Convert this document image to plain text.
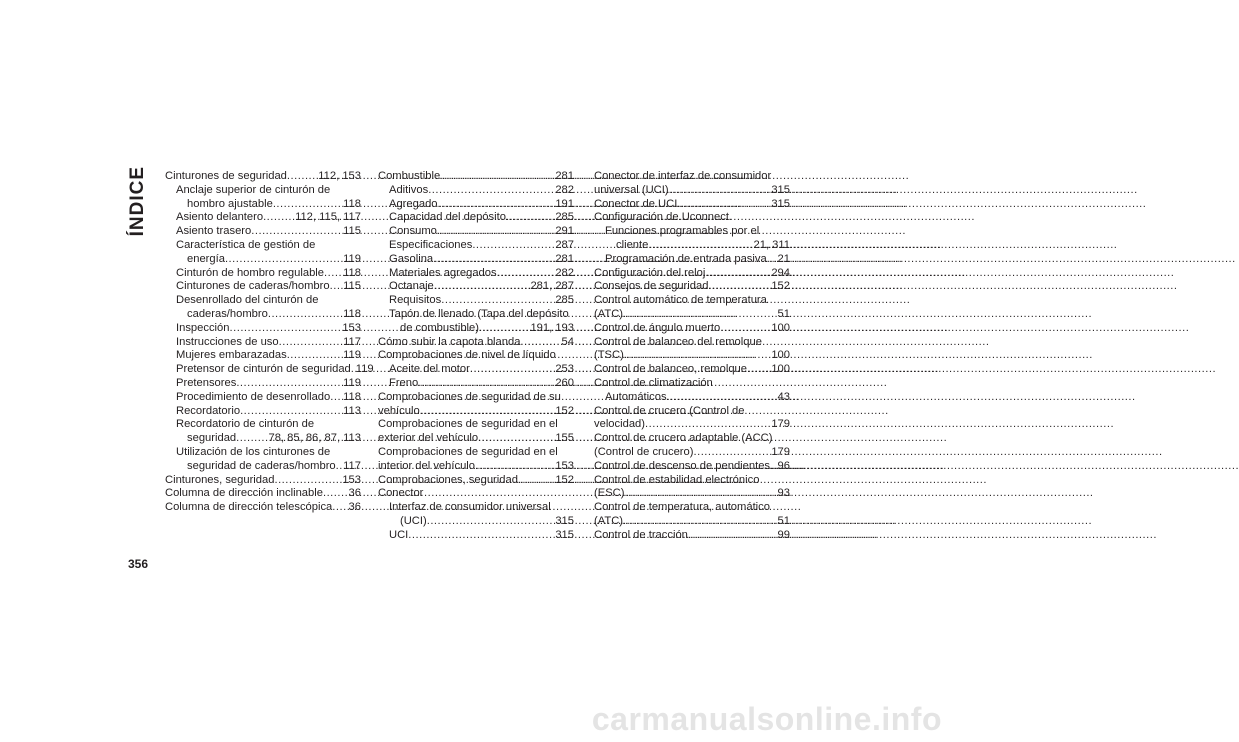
ÍNDICE Cinturones de seguridad .....	112, 153
Anclaje superior de cinturón de
hombro ajustable .....	118
Asiento delantero .....	112, 115, 117
Asiento trasero .....	115
Característica de gestión de
energía .....	119
Cinturón de hombro regulable ..... 118
Cinturones de caderas/hombro ..... 115
Desenrollado del cinturón de
caderas/hombro .....	118
Inspección .....	153
Instrucciones de uso .....	117
Mujeres embarazadas .....	119
Pretensor de cinturón de seguridad ..... 119
Pretensores .....	119
Procedimiento de desenrollado ..... 118
Recordatorio .....	113
Recordatorio de cinturón de
seguridad .....	78, 85, 86, 87, 113
Utilización de los cinturones de
seguridad de caderas/hombro ..... 117
Cinturones, seguridad .....	153
Columna de dirección inclinable ..... 36
Columna de dirección telescópica ..... 36
Combustible .....	281
Aditivos .....	282
Agregado .....	191
Capacidad del depósito .....	285
Consumo .....	291
Especificaciones .....	287
Gasolina .....	281
Materiales agregados .....	282
Octanaje .....	281, 287
Requisitos .....	285
Tapón de llenado (Tapa del depósito
de combustible) .....	191, 193
Cómo subir la capota blanda .....	54
Comprobaciones de nivel de líquido
Aceite del motor .....	253
Freno .....	260
Comprobaciones de seguridad de su
vehículo .....	152
Comprobaciones de seguridad en el
exterior del vehículo .....	155
Comprobaciones de seguridad en el
interior del vehículo .....	153
Comprobaciones, seguridad .....	152
Conector
Interfaz de consumidor universal
(UCI) .....	315
UCI .....	315
Conector de interfaz de consumidor
universal (UCI) .....	315
Conector de UCI .....	315
Configuración de Uconnect
Funciones programables por el
cliente .....	21, 311
Programación de entrada pasiva ..... 21
Configuración del reloj .....	294
Consejos de seguridad .....	152
Control automático de temperatura
(ATC) .....	51
Control de ángulo muerto .....	100
Control de balanceo del remolque
(TSC) .....	100
Control de balanceo, remolque ..... 100
Control de climatización
Automáticos .....	43
Control de crucero (Control de
velocidad) .....	179
Control de crucero adaptable (ACC)
(Control de crucero) .....	179
Control de descenso de pendientes ..... 96
Control de estabilidad electrónico
(ESC) .....	93
Control de temperatura, automático
(ATC) .....	51
Control de tracción .....	99
356
carmanualsonline.info
